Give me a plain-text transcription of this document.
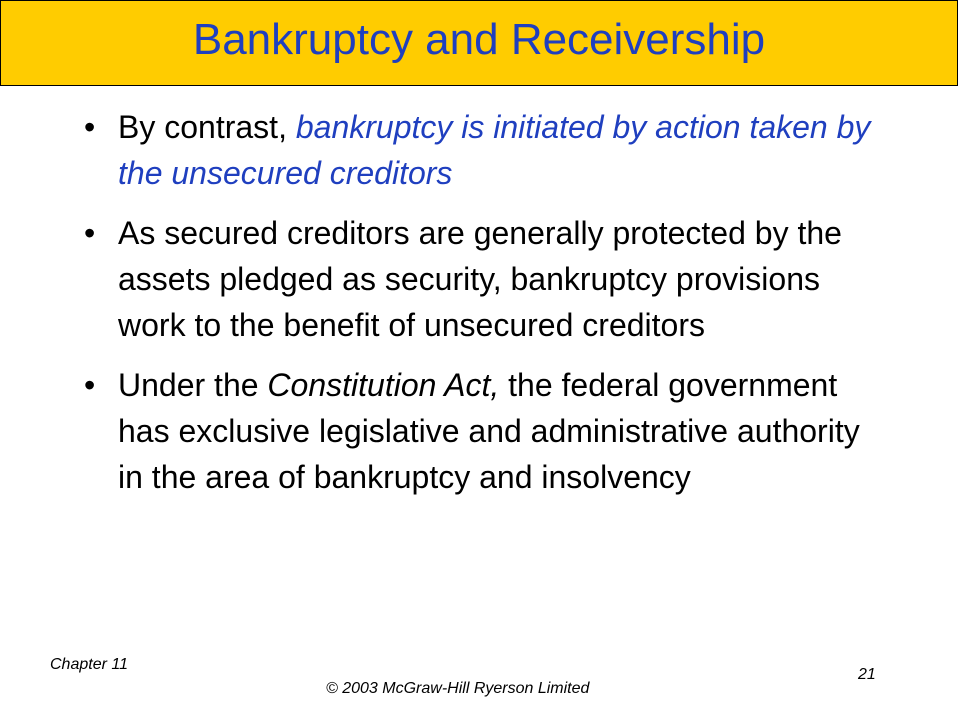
Bankruptcy and Receivership
• By contrast, bankruptcy is initiated by action taken by the unsecured creditors
• As secured creditors are generally protected by the assets pledged as security, bankruptcy provisions work to the benefit of unsecured creditors
• Under the Constitution Act, the federal government has exclusive legislative and administrative authority in the area of bankruptcy and insolvency
Chapter 11
© 2003 McGraw-Hill Ryerson Limited
21
